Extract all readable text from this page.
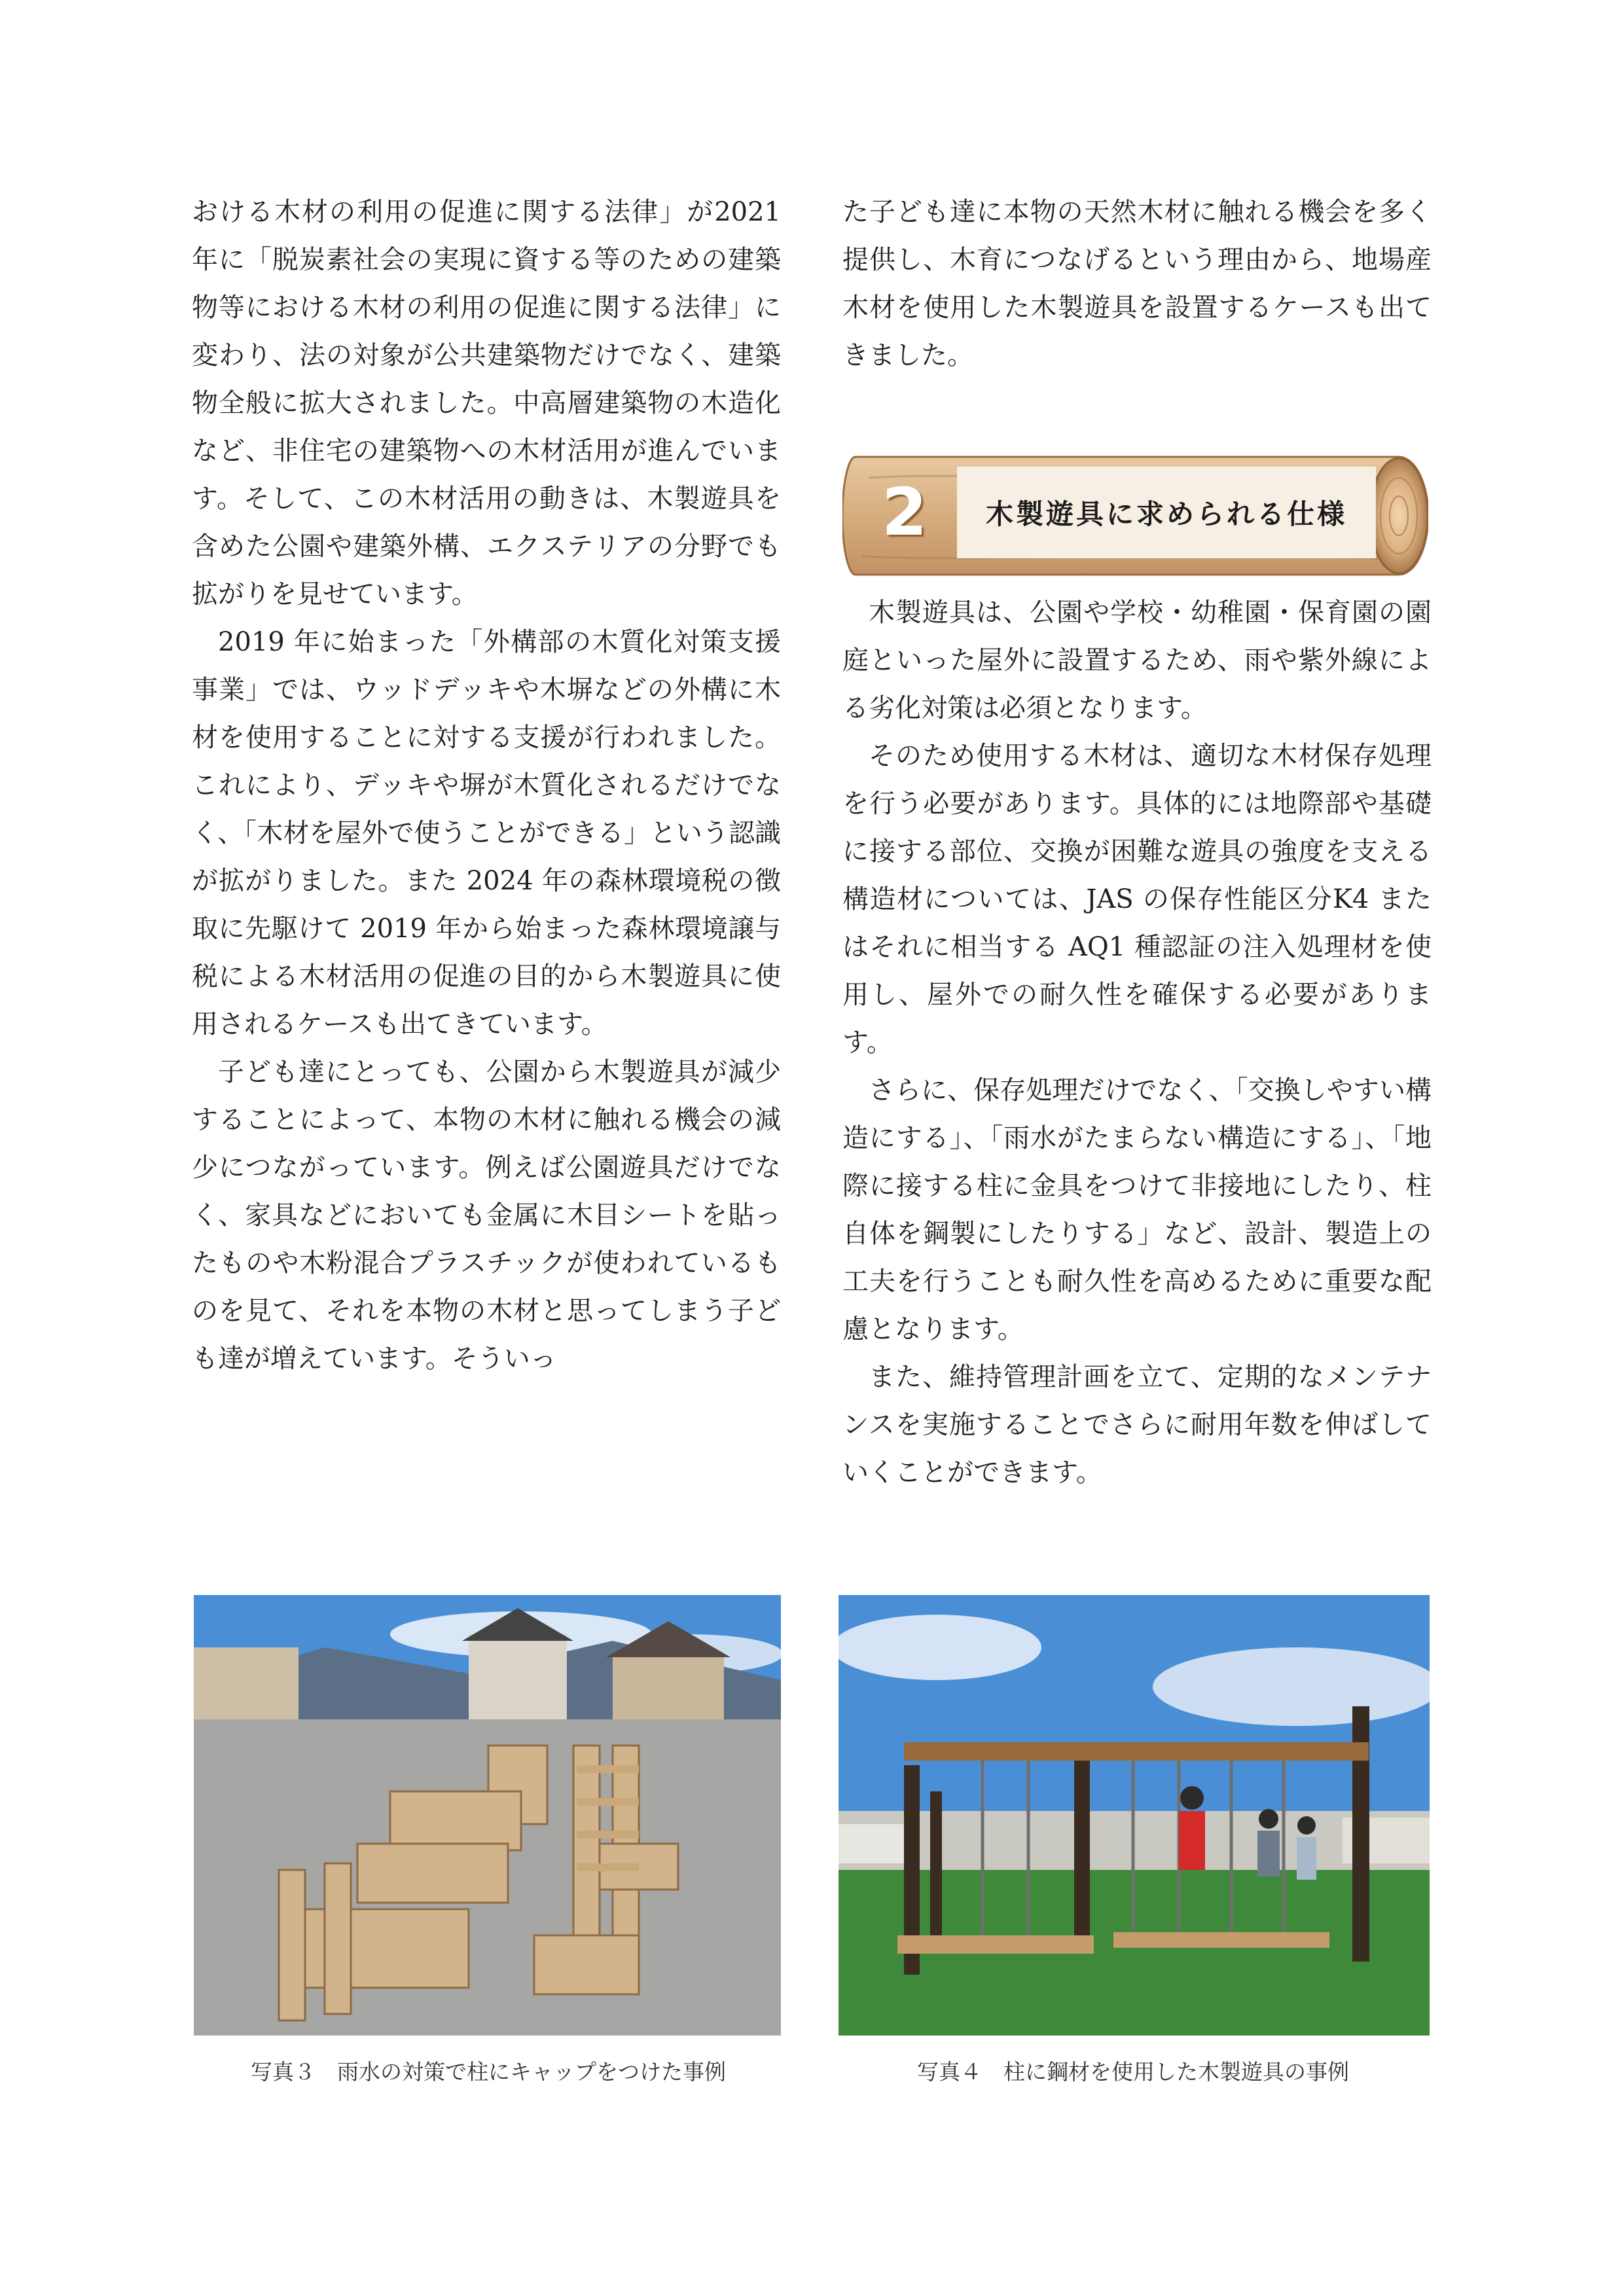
おける木材の利用の促進に関する法律」が2021 年に「脱炭素社会の実現に資する等のための建築物等における木材の利用の促進に関する法律」に変わり、法の対象が公共建築物だけでなく、建築物全般に拡大されました。中高層建築物の木造化など、非住宅の建築物への木材活用が進んでいます。そして、この木材活用の動きは、木製遊具を含めた公園や建築外構、エクステリアの分野でも拡がりを見せています。

2019 年に始まった「外構部の木質化対策支援事業」では、ウッドデッキや木塀などの外構に木材を使用することに対する支援が行われました。これにより、デッキや塀が木質化されるだけでなく、「木材を屋外で使うことができる」という認識が拡がりました。また 2024 年の森林環境税の徴取に先駆けて 2019 年から始まった森林環境譲与税による木材活用の促進の目的から木製遊具に使用されるケースも出てきています。

子ども達にとっても、公園から木製遊具が減少することによって、本物の木材に触れる機会の減少につながっています。例えば公園遊具だけでなく、家具などにおいても金属に木目シートを貼ったものや木粉混合プラスチックが使われているものを見て、それを本物の木材と思ってしまう子ども達が増えています。そういっ

た子ども達に本物の天然木材に触れる機会を多く提供し、木育につなげるという理由から、地場産木材を使用した木製遊具を設置するケースも出てきました。

2	木製遊具に求められる仕様

木製遊具は、公園や学校・幼稚園・保育園の園庭といった屋外に設置するため、雨や紫外線による劣化対策は必須となります。

そのため使用する木材は、適切な木材保存処理を行う必要があります。具体的には地際部や基礎に接する部位、交換が困難な遊具の強度を支える構造材については、JAS の保存性能区分K4 またはそれに相当する AQ1 種認証の注入処理材を使用し、屋外での耐久性を確保する必要があります。

さらに、保存処理だけでなく、「交換しやすい構造にする」、「雨水がたまらない構造にする」、「地際に接する柱に金具をつけて非接地にしたり、柱自体を鋼製にしたりする」など、設計、製造上の工夫を行うことも耐久性を高めるために重要な配慮となります。

また、維持管理計画を立て、定期的なメンテナンスを実施することでさらに耐用年数を伸ばしていくことができます。

写真３　雨水の対策で柱にキャップをつけた事例	写真４　柱に鋼材を使用した木製遊具の事例
